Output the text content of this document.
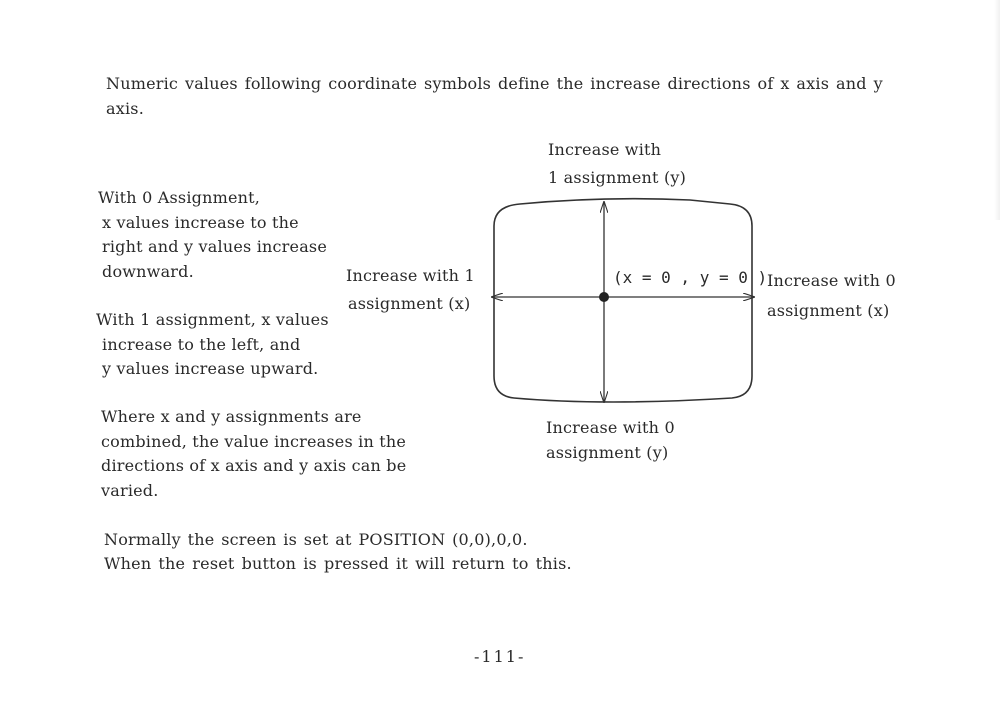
Numeric values following coordinate symbols define the increase directions of x axis and y
axis.
With 0 Assignment,
x values increase to the
right and y values increase
downward.
With 1 assignment, x values
increase to the left, and
y values increase upward.
Where x and y assignments are
combined, the value increases in the
directions of x axis and y axis can be
varied.
Increase with
1 assignment (y)
Increase with 1
assignment (x)
Increase with 0
assignment (x)
Increase with 0
assignment (y)
(x = 0 , y = 0 )
Normally the screen is set at POSITION (0,0),0,0.
When the reset button is pressed it will return to this.
-111-
